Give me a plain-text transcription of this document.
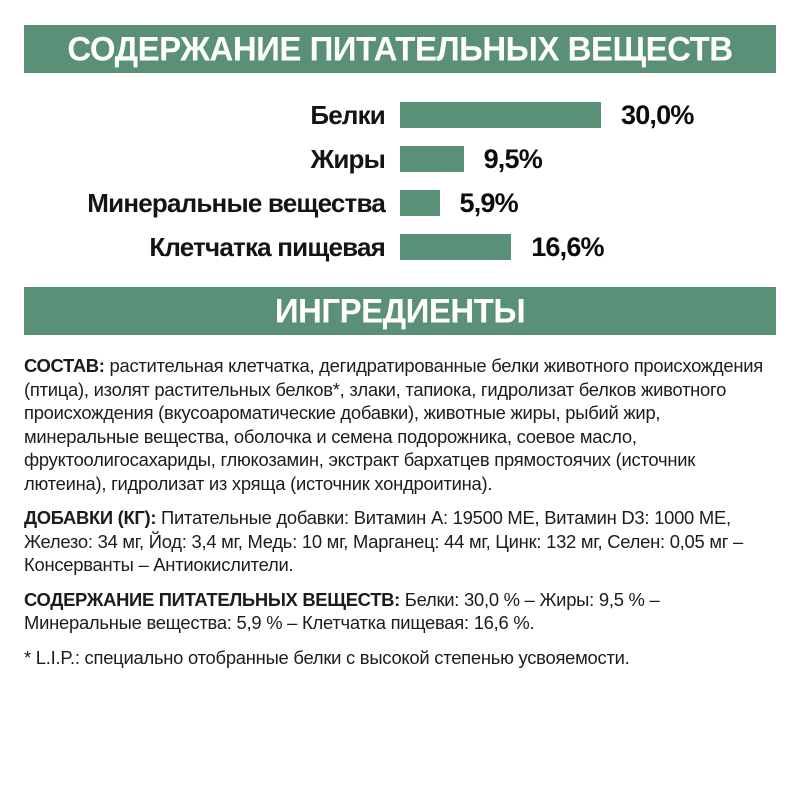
СОДЕРЖАНИЕ ПИТАТЕЛЬНЫХ ВЕЩЕСТВ
Белки	30,0%
Жиры	9,5%
Минеральные вещества	5,9%
Клетчатка пищевая	16,6%
ИНГРЕДИЕНТЫ
СОСТАВ: растительная клетчатка, дегидратированные белки животного происхождения (птица), изолят растительных белков*, злаки, тапиока, гидролизат белков животного происхождения (вкусоароматические добавки), животные жиры, рыбий жир, минеральные вещества, оболочка и семена подорожника, соевое масло, фруктоолигосахариды, глюкозамин, экстракт бархатцев прямостоячих (источник лютеина), гидролизат из хряща (источник хондроитина).
ДОБАВКИ (КГ): Питательные добавки: Витамин A: 19500 МЕ, Витамин D3: 1000 МЕ, Железо: 34 мг, Йод: 3,4 мг, Медь: 10 мг, Марганец: 44 мг, Цинк: 132 мг, Селен: 0,05 мг – Консерванты – Антиокислители.
СОДЕРЖАНИЕ ПИТАТЕЛЬНЫХ ВЕЩЕСТВ: Белки: 30,0 % – Жиры: 9,5 % – Минеральные вещества: 5,9 % – Клетчатка пищевая: 16,6 %.
* L.I.P.: специально отобранные белки с высокой степенью усвояемости.
